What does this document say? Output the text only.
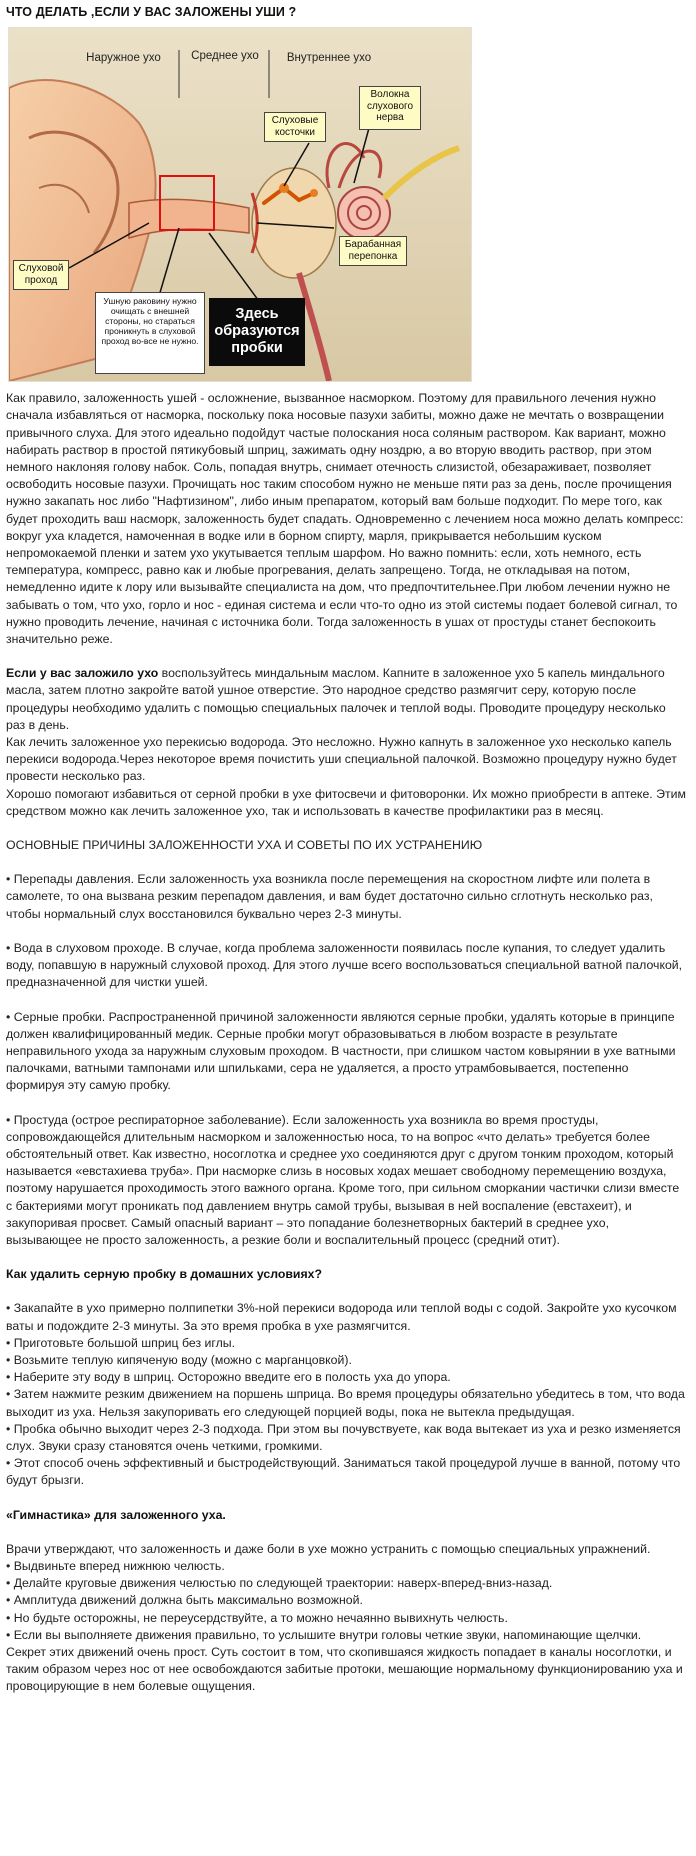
ЧТО ДЕЛАТЬ ,ЕСЛИ У ВАС ЗАЛОЖЕНЫ УШИ ?
Наружное ухо	Среднее ухо	Внутреннее ухо
Слуховые косточки
Волокна слухового нерва
Барабанная перепонка
Слуховой проход
Ушную раковину нужно очищать с внешней стороны, но стараться проникнуть в слуховой проход во-все не нужно.
Здесь образуются пробки

Как правило, заложенность ушей - осложнение, вызванное насморком. Поэтому для правильного лечения нужно сначала избавляться от насморка, поскольку пока носовые пазухи забиты, можно даже не мечтать о возвращении привычного слуха. Для этого идеально подойдут частые полоскания носа соляным раствором. Как вариант, можно набирать раствор в простой пятикубовый шприц, зажимать одну ноздрю, а во вторую вводить раствор, при этом немного наклоняя голову набок. Соль, попадая внутрь, снимает отечность слизистой, обезараживает, позволяет освободить носовые пазухи. Прочищать нос таким способом нужно не меньше пяти раз за день, после прочищения нужно закапать нос либо "Нафтизином", либо иным препаратом, который вам больше подходит. По мере того, как будет проходить ваш насморк, заложенность будет спадать. Одновременно с лечением носа можно делать компресс: вокруг уха кладется, намоченная в водке или в борном спирту, марля, прикрывается небольшим куском непромокаемой пленки и затем ухо укутывается теплым шарфом. Но важно помнить: если, хоть немного, есть температура, компресс, равно как и любые прогревания, делать запрещено. Тогда, не откладывая на потом, немедленно идите к лору или вызывайте специалиста на дом, что предпочтительнее.При любом лечении нужно не забывать о том, что ухо, горло и нос - единая система и если что-то одно из этой системы подает болевой сигнал, то нужно проводить лечение, начиная с источника боли. Тогда заложенность в ушах от простуды станет беспокоить значительно реже.

Если у вас заложило ухо воспользуйтесь миндальным маслом. Капните в заложенное ухо 5 капель миндального масла, затем плотно закройте ватой ушное отверстие. Это народное средство размягчит серу, которую после процедуры необходимо удалить с помощью специальных палочек и теплой воды. Проводите процедуру несколько раз в день.

Как лечить заложенное ухо перекисью водорода. Это несложно. Нужно капнуть в заложенное ухо несколько капель перекиси водорода.Через некоторое время почистить уши специальной палочкой. Возможно процедуру нужно будет провести несколько раз.

Хорошо помогают избавиться от серной пробки в ухе фитосвечи и фитоворонки. Их можно приобрести в аптеке. Этим средством можно как лечить заложенное ухо, так и использовать в качестве профилактики раз в месяц.

ОСНОВНЫЕ ПРИЧИНЫ ЗАЛОЖЕННОСТИ УХА И СОВЕТЫ ПО ИХ УСТРАНЕНИЮ

• Перепады давления. Если заложенность уха возникла после перемещения на скоростном лифте или полета в самолете, то она вызвана резким перепадом давления, и вам будет достаточно сильно сглотнуть несколько раз, чтобы нормальный слух восстановился буквально через 2-3 минуты.

• Вода в слуховом проходе. В случае, когда проблема заложенности появилась после купания, то следует удалить воду, попавшую в наружный слуховой проход. Для этого лучше всего воспользоваться специальной ватной палочкой, предназначенной для чистки ушей.

• Серные пробки. Распространенной причиной заложенности являются серные пробки, удалять которые в принципе должен квалифицированный медик. Серные пробки могут образовываться в любом возрасте в результате неправильного ухода за наружным слуховым проходом. В частности, при слишком частом ковырянии в ухе ватными палочками, ватными тампонами или шпильками, сера не удаляется, а просто утрамбовывается, постепенно формируя эту самую пробку.

• Простуда (острое респираторное заболевание). Если заложенность уха возникла во время простуды, сопровождающейся длительным насморком и заложенностью носа, то на вопрос «что делать» требуется более обстоятельный ответ. Как известно, носоглотка и среднее ухо соединяются друг с другом тонким проходом, который называется «евстахиева труба». При насморке слизь в носовых ходах мешает свободному перемещению воздуха, поэтому нарушается проходимость этого важного органа. Кроме того, при сильном сморкании частички слизи вместе с бактериями могут проникать под давлением внутрь самой трубы, вызывая в ней воспаление (евстахеит), и закупоривая просвет. Самый опасный вариант – это попадание болезнетворных бактерий в среднее ухо, вызывающее не просто заложенность, а резкие боли и воспалительный процесс (средний отит).

Как удалить серную пробку в домашних условиях?

• Закапайте в ухо примерно полпипетки 3%-ной перекиси водорода или теплой воды с содой. Закройте ухо кусочком ваты и подождите 2-3 минуты. За это время пробка в ухе размягчится.

• Приготовьте большой шприц без иглы.

• Возьмите теплую кипяченую воду (можно с марганцовкой).

• Наберите эту воду в шприц. Осторожно введите его в полость уха до упора.

• Затем нажмите резким движением на поршень шприца. Во время процедуры обязательно убедитесь в том, что вода выходит из уха. Нельзя закупоривать его следующей порцией воды, пока не вытекла предыдущая.

• Пробка обычно выходит через 2-3 подхода. При этом вы почувствуете, как вода вытекает из уха и резко изменяется слух. Звуки сразу становятся очень четкими, громкими.

• Этот способ очень эффективный и быстродействующий. Заниматься такой процедурой лучше в ванной, потому что будут брызги.

«Гимнастика» для заложенного уха.

Врачи утверждают, что заложенность и даже боли в ухе можно устранить с помощью специальных упражнений.

• Выдвиньте вперед нижнюю челюсть.

• Делайте круговые движения челюстью по следующей траектории: наверх-вперед-вниз-назад.

• Амплитуда движений должна быть максимально возможной.

• Но будьте осторожны, не переусердствуйте, а то можно нечаянно вывихнуть челюсть.

• Если вы выполняете движения правильно, то услышите внутри головы четкие звуки, напоминающие щелчки.

Секрет этих движений очень прост. Суть состоит в том, что скопившаяся жидкость попадает в каналы носоглотки, и таким образом через нос от нее освобождаются забитые протоки, мешающие нормальному функционированию уха и провоцирующие в нем болевые ощущения.
